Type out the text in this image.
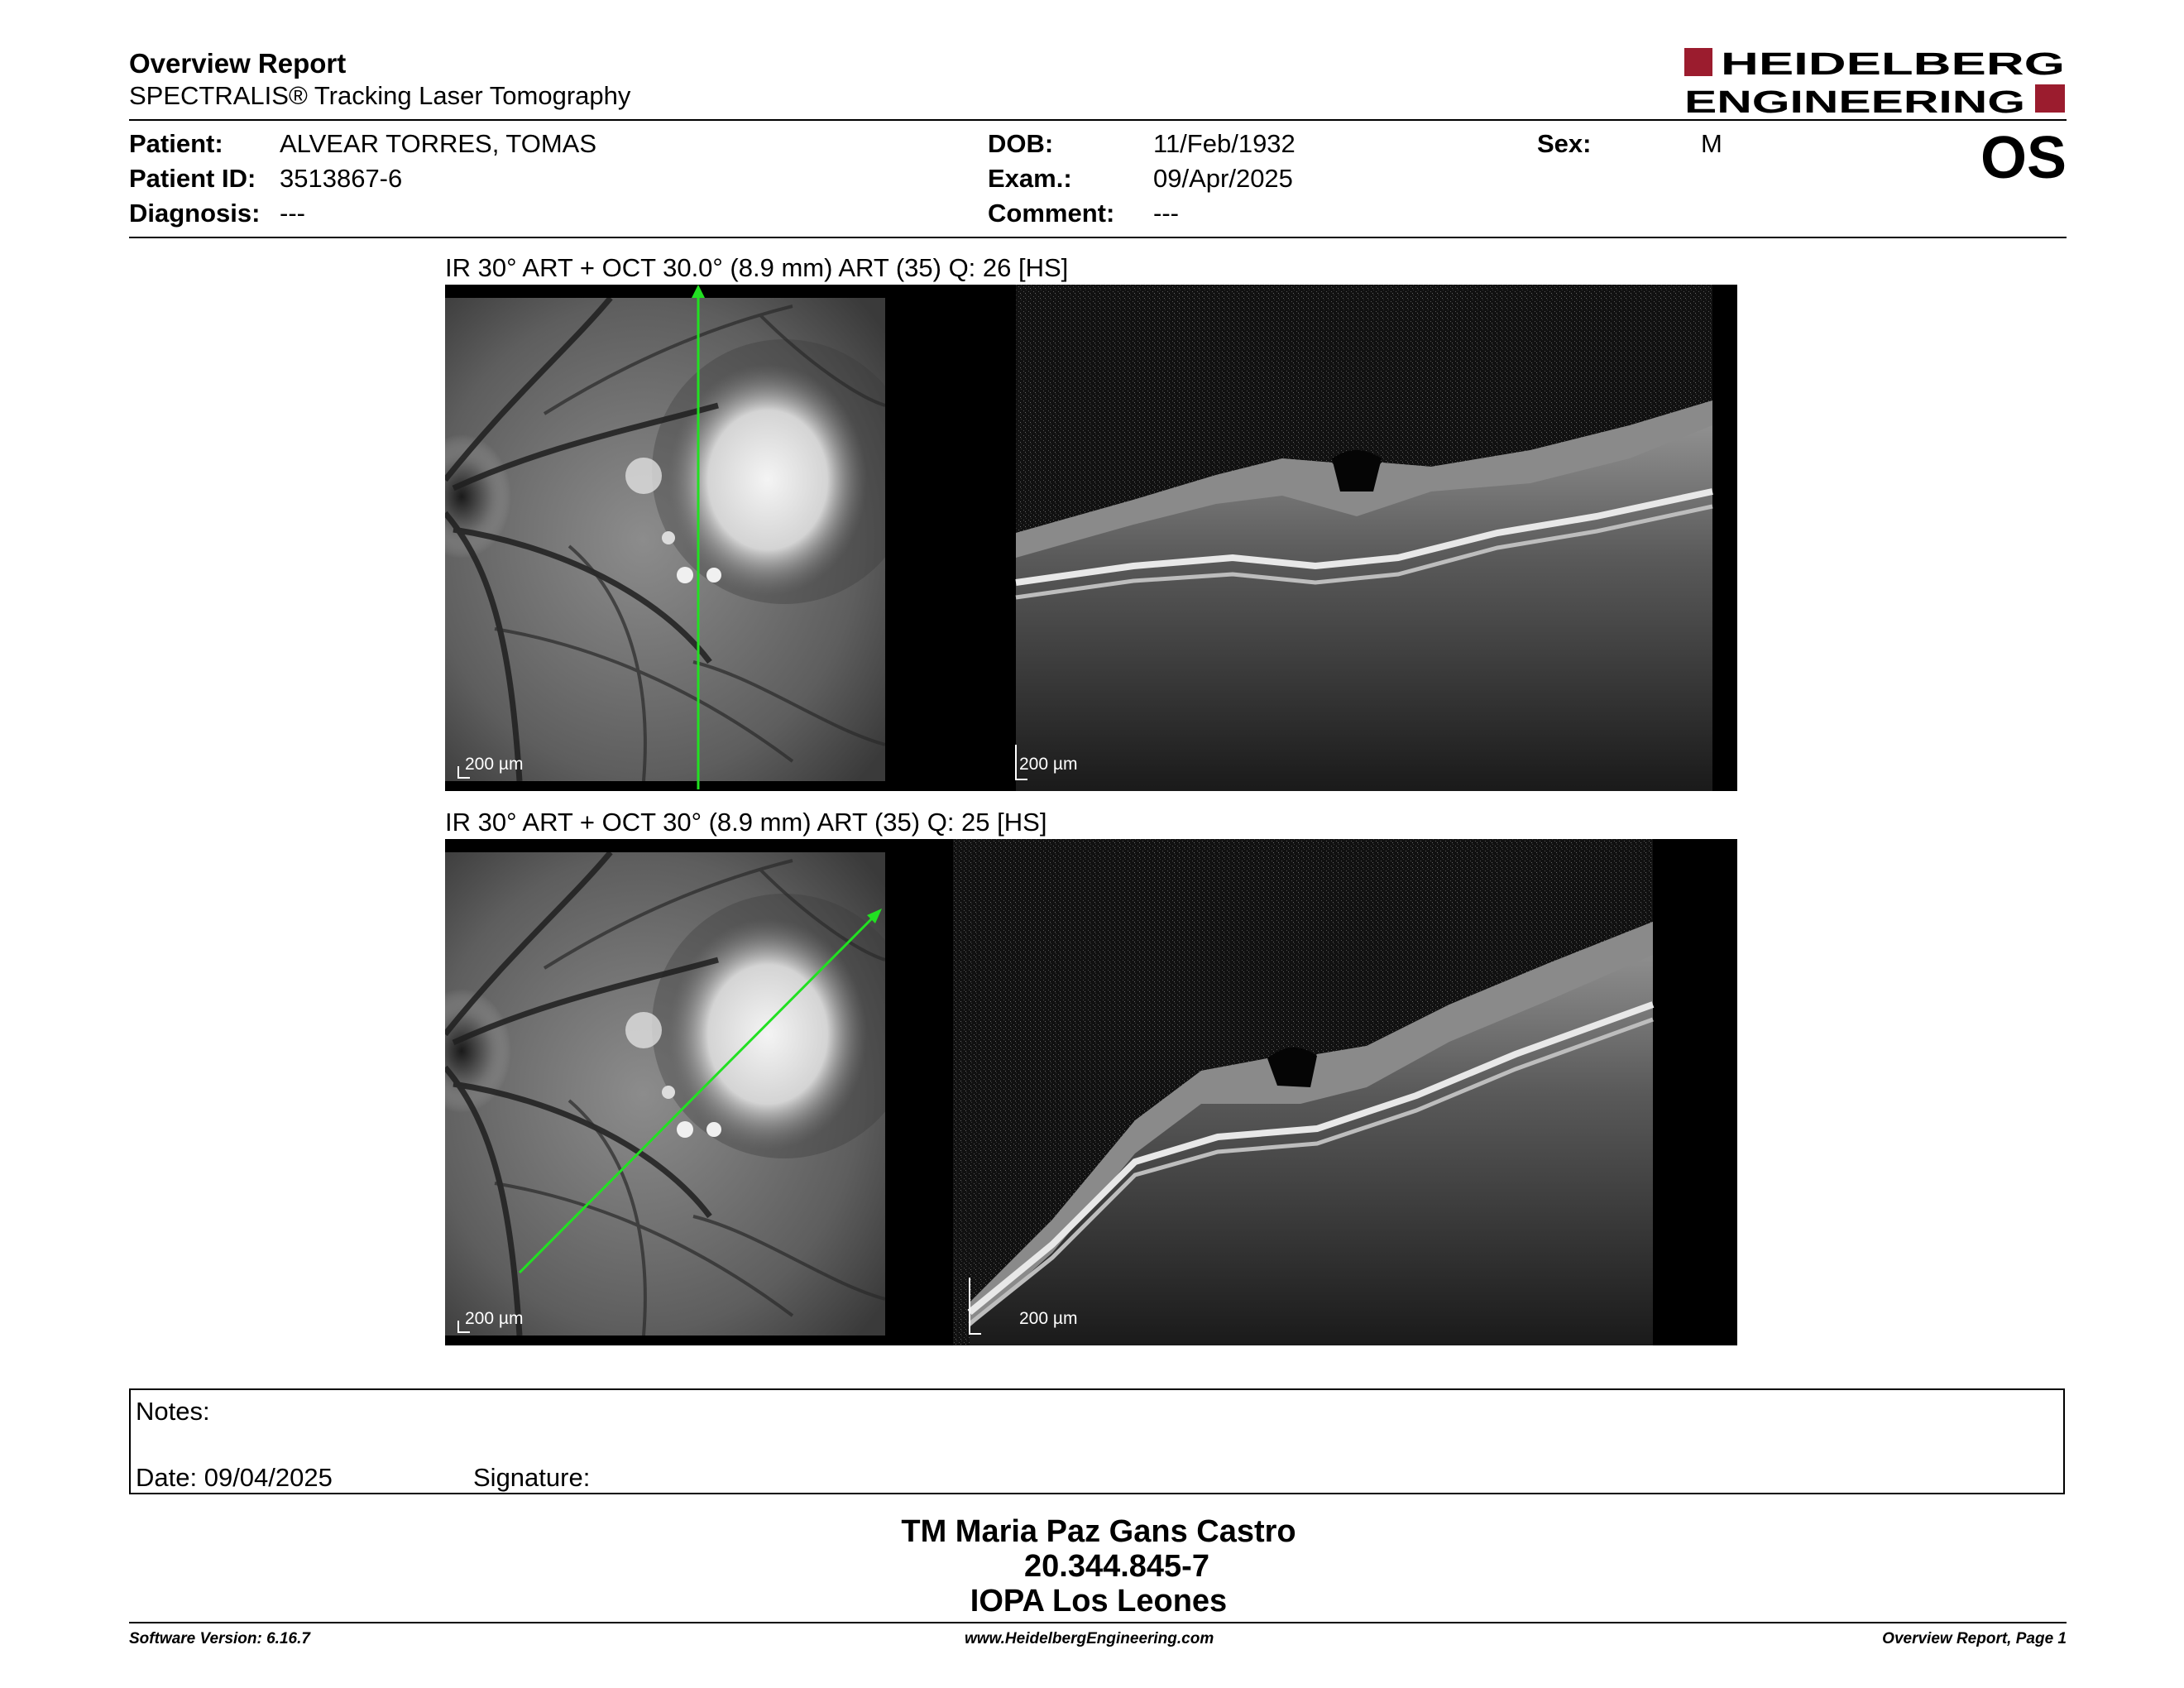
Overview Report
SPECTRALIS® Tracking Laser Tomography
HEIDELBERG
ENGINEERING
Patient: ALVEAR TORRES, TOMAS
Patient ID: 3513867-6
Diagnosis: ---
DOB:	11/Feb/1932
Exam.:	09/Apr/2025
Comment: ---
Sex:	M	OS
IR 30° ART + OCT 30.0° (8.9 mm) ART (35) Q: 26 [HS]
200 µm	200 µm
IR 30° ART + OCT 30° (8.9 mm) ART (35) Q: 25 [HS]
200 µm	200 µm
Notes:
Date: 09/04/2025	Signature:
TM Maria Paz Gans Castro
20.344.845-7
IOPA Los Leones
Software Version: 6.16.7	www.HeidelbergEngineering.com	Overview Report, Page 1
